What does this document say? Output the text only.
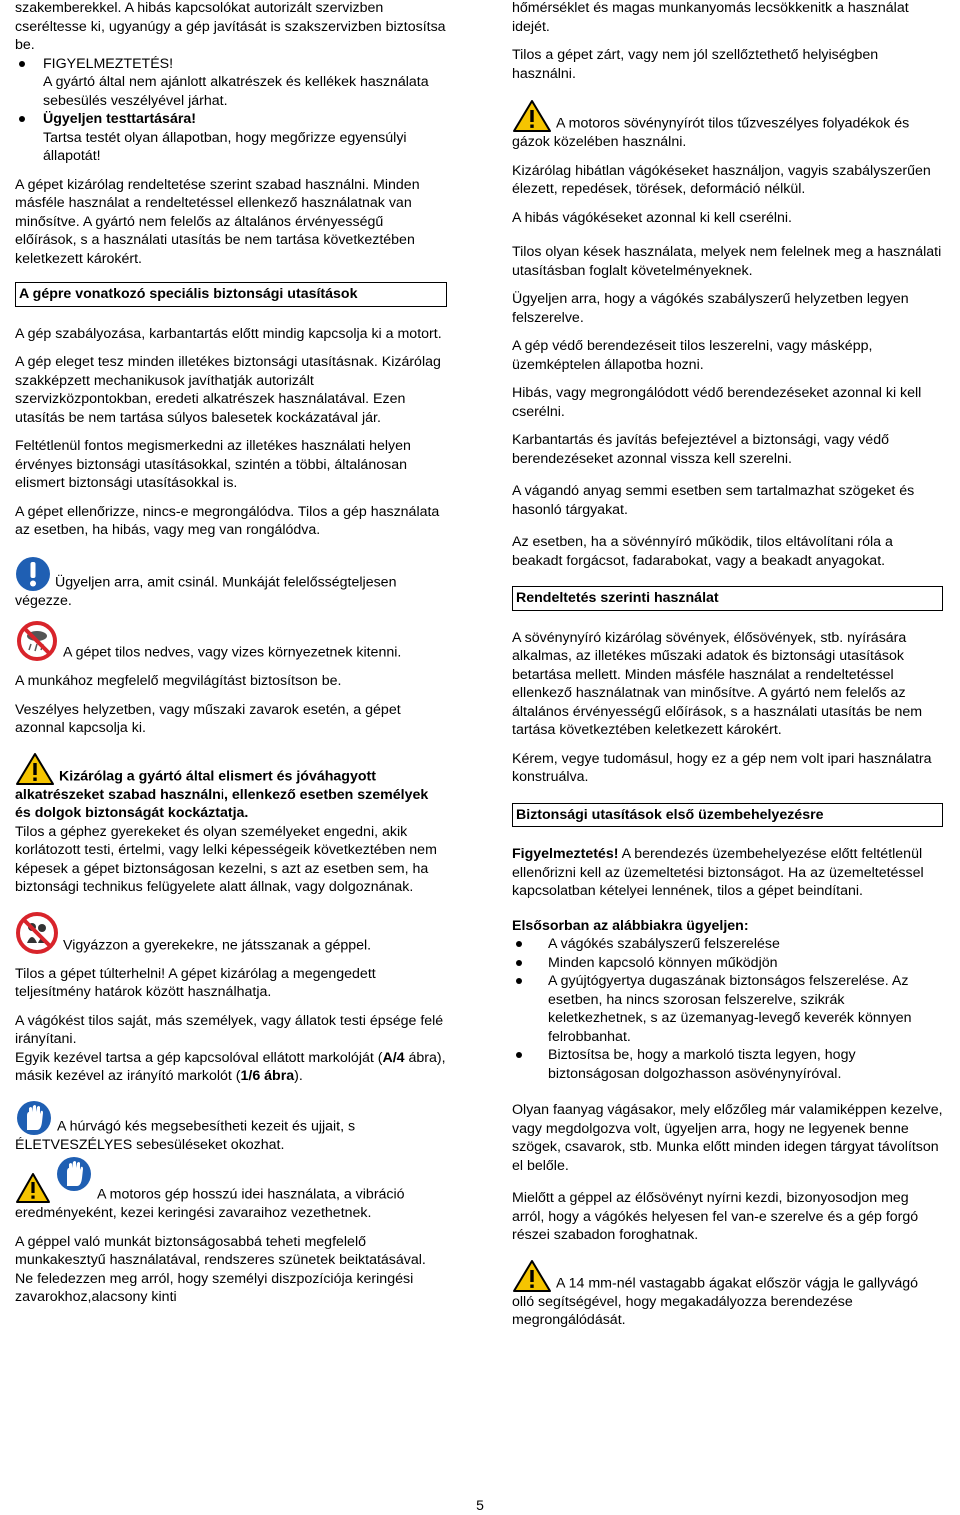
szakemberekkel. A hibás kapcsolókat autorizált szervizben cseréltesse ki, ugyanúgy a gép javítását is szakszervizben biztosítsa be.

FIGYELMEZTETÉS!
A gyártó által nem ajánlott alkatrészek és kellékek használata sebesülés veszélyével járhat.
Ügyeljen testtartására!
Tartsa testét olyan állapotban, hogy megőrizze egyensúlyi állapotát!

A gépet kizárólag rendeltetése szerint szabad használni. Minden másféle használat a rendeltetéssel ellenkező használatnak van minősítve. A gyártó nem felelős az általános érvényességű előírások, s a használati utasítás be nem tartása következtében keletkezett károkért.

A gépre vonatkozó speciális biztonsági utasítások

A gép szabályozása, karbantartás előtt mindig kapcsolja ki a motort.

A gép eleget tesz minden illetékes biztonsági utasításnak. Kizárólag szakképzett mechanikusok javíthatják autorizált szervizközpontokban, eredeti alkatrészek használatával. Ezen utasítás be nem tartása súlyos balesetek kockázatával jár.

Feltétlenül fontos megismerkedni az illetékes használati helyen érvényes biztonsági utasításokkal, szintén a többi, általánosan elismert biztonsági utasításokkal is.

A gépet ellenőrizze, nincs-e megrongálódva. Tilos a gép használata az esetben, ha hibás, vagy meg van rongálódva.

Ügyeljen arra, amit csinál. Munkáját felelősségteljesen végezze.

A gépet tilos nedves, vagy vizes környezetnek kitenni.

A munkához megfelelő megvilágítást biztosítson be.

Veszélyes helyzetben, vagy műszaki zavarok esetén, a gépet azonnal kapcsolja ki.

Kizárólag a gyártó által elismert és jóváhagyott alkatrészeket szabad használni, ellenkező esetben személyek és dolgok biztonságát kockáztatja.
Tilos a géphez gyerekeket és olyan személyeket engedni, akik korlátozott testi, értelmi, vagy lelki képességeik következtében nem képesek a gépet biztonságosan kezelni, s azt az esetben sem, ha biztonsági technikus felügyelete alatt állnak, vagy dolgoznának.

Vigyázzon a gyerekekre, ne játsszanak a géppel.

Tilos a gépet túlterhelni! A gépet kizárólag a megengedett teljesítmény határok között használhatja.

A vágókést tilos saját, más személyek, vagy állatok testi épsége felé irányítani.
Egyik kezével tartsa a gép kapcsolóval ellátott markolóját (A/4 ábra), másik kezével az irányító markolót (1/6 ábra).

A húrvágó kés megsebesítheti kezeit és ujjait, s ÉLETVESZÉLYES sebesüléseket okozhat.

A motoros gép hosszú idei használata, a vibráció eredményeként, kezei keringési zavaraihoz vezethetnek.

A géppel való munkát biztonságosabbá teheti megfelelő munkakesztyű használatával, rendszeres szünetek beiktatásával. Ne feledezzen meg arról, hogy személyi diszpozíciója keringési zavarokhoz,alacsony kinti

hőmérséklet és magas munkanyomás lecsökkenitk a használat idejét.

Tilos a gépet zárt, vagy nem jól szellőztethető helyiségben használni.

A motoros sövénynyírót tilos tűzveszélyes folyadékok és gázok közelében használni.

Kizárólag hibátlan vágókéseket használjon, vagyis szabályszerűen élezett, repedések, törések, deformáció nélkül.

A hibás vágókéseket azonnal ki kell cserélni.

Tilos olyan kések használata, melyek nem felelnek meg a használati utasításban foglalt követelményeknek.

Ügyeljen arra, hogy a vágókés szabályszerű helyzetben legyen felszerelve.

A gép védő berendezéseit tilos leszerelni, vagy másképp, üzemképtelen állapotba hozni.

Hibás, vagy megrongálódott védő berendezéseket azonnal ki kell cserélni.

Karbantartás és javítás befejeztével a biztonsági, vagy védő berendezéseket azonnal vissza kell szerelni.

A vágandó anyag semmi esetben sem tartalmazhat szögeket és hasonló tárgyakat.

Az esetben, ha a sövénnyíró működik, tilos eltávolítani róla a beakadt forgácsot, fadarabokat, vagy a beakadt anyagokat.

Rendeltetés szerinti használat

A sövénynyíró kizárólag sövények, élősövények, stb. nyírására alkalmas, az illetékes műszaki adatok és biztonsági utasítások betartása mellett. Minden másféle használat a rendeltetéssel ellenkező használatnak van minősítve. A gyártó nem felelős az általános érvényességű előírások, s a használati utasítás be nem tartása következtében keletkezett károkért.

Kérem, vegye tudomásul, hogy ez a gép nem volt ipari használatra konstruálva.

Biztonsági utasítások első üzembehelyezésre

Figyelmeztetés! A berendezés üzembehelyezése előtt feltétlenül ellenőrizni kell az üzemeltetési biztonságot. Ha az üzemeltetéssel kapcsolatban kételyei lennének, tilos a gépet beindítani.

Elsősorban az alábbiakra ügyeljen:
A vágókés szabályszerű felszerelése
Minden kapcsoló könnyen működjön
A gyújtógyertya dugaszának biztonságos felszerelése. Az esetben, ha nincs szorosan felszerelve, szikrák keletkezhetnek, s az üzemanyag-levegő keverék könnyen felrobbanhat.
Biztosítsa be, hogy a markoló tiszta legyen, hogy biztonságosan dolgozhasson asövénynyíróval.

Olyan faanyag vágásakor, mely előzőleg már valamiképpen kezelve, vagy megdolgozva volt, ügyeljen arra, hogy ne legyenek benne szögek, csavarok, stb. Munka előtt minden idegen tárgyat távolítson el belőle.

Mielőtt a géppel az élősövényt nyírni kezdi, bizonyosodjon meg arról, hogy a vágókés helyesen fel van-e szerelve és a gép forgó részei szabadon foroghatnak.

A 14 mm-nél vastagabb ágakat először vágja le gallyvágó olló segítségével, hogy megakadályozza berendezése megrongálódását.

5
